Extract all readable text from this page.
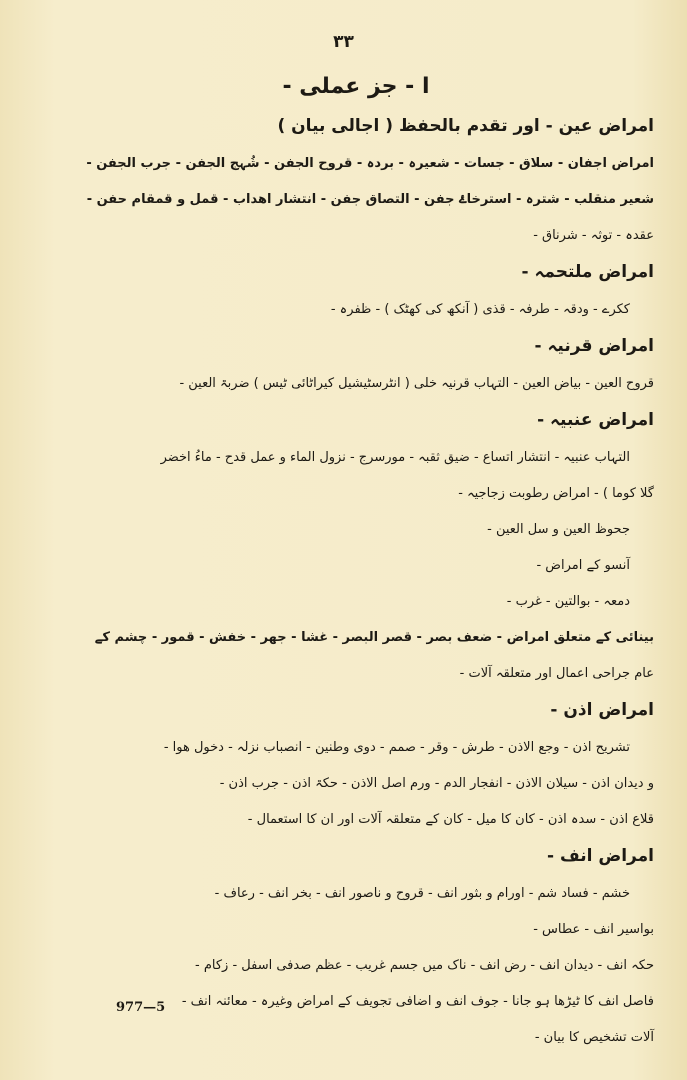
۳۳
ا - جز عملی -
امراض عین - اور تقدم بالحفظ ( اجالی بیان )
امراض اجفان - سلاق - جسات - شعیرہ - بردہ - قروح الجفن - شُہج الجفن - جرب الجفن -
شعیر منقلب - شترہ - استرخاۓ جفن - التصاق جفن - انتشار اھداب - قمل و قمقام حفن -
عقدہ - توثہ - شرناق -
امراض ملتحمہ -
ککرے - ودقہ - طرفہ - قذی ( آنکھ کی کھٹک ) - ظفرہ -
امراض قرنیہ -
قروح العین - بیاض العین - التہاب قرنیہ خلی ( انٹرسٹیشیل کیراٹائی ٹیس ) ضربۃ العین -
امراض عنبیہ -
التہاب عنبیہ - انتشار اتساع - ضیق ثقبہ - مورسرج - نزول الماء و عمل قدح - ماءُ اخضر
گلا کوما ) - امراض رطوبت زجاجیہ -
جحوظ العین و سل العین -
آنسو کے امراض -
دمعہ - بوالتین - غرب -
بینائی کے متعلق امراض - ضعف بصر - قصر البصر - غشا - جھر - خفش - قمور - چشم کے
عام جراحی اعمال اور متعلقہ آلات -
امراض اذن -
تشریح اذن - وجع الاذن - طرش - وقر - صمم - دوی وطنین - انصباب نزلہ - دخول ھوا -
و دیدان اذن - سیلان الاذن - انفجار الدم - ورم اصل الاذن - حکۃ اذن - جرب اذن -
قلاع اذن - سدہ اذن - کان کا میل - کان کے متعلقہ آلات اور ان کا استعمال -
امراض انف -
خشم - فساد شم - اورام و بثور انف - قروح و ناصور انف - بخر انف - رعاف -
بواسیر انف - عطاس -
حکہ انف - دیدان انف - رض انف - ناک میں جسم غریب - عظم صدفی اسفل - زکام -
فاصل انف کا ٹیڑھا ہو جانا - جوف انف و اضافی تجویف کے امراض وغیرہ - معائنہ انف -
آلات تشخیص کا بیان -
977—5
